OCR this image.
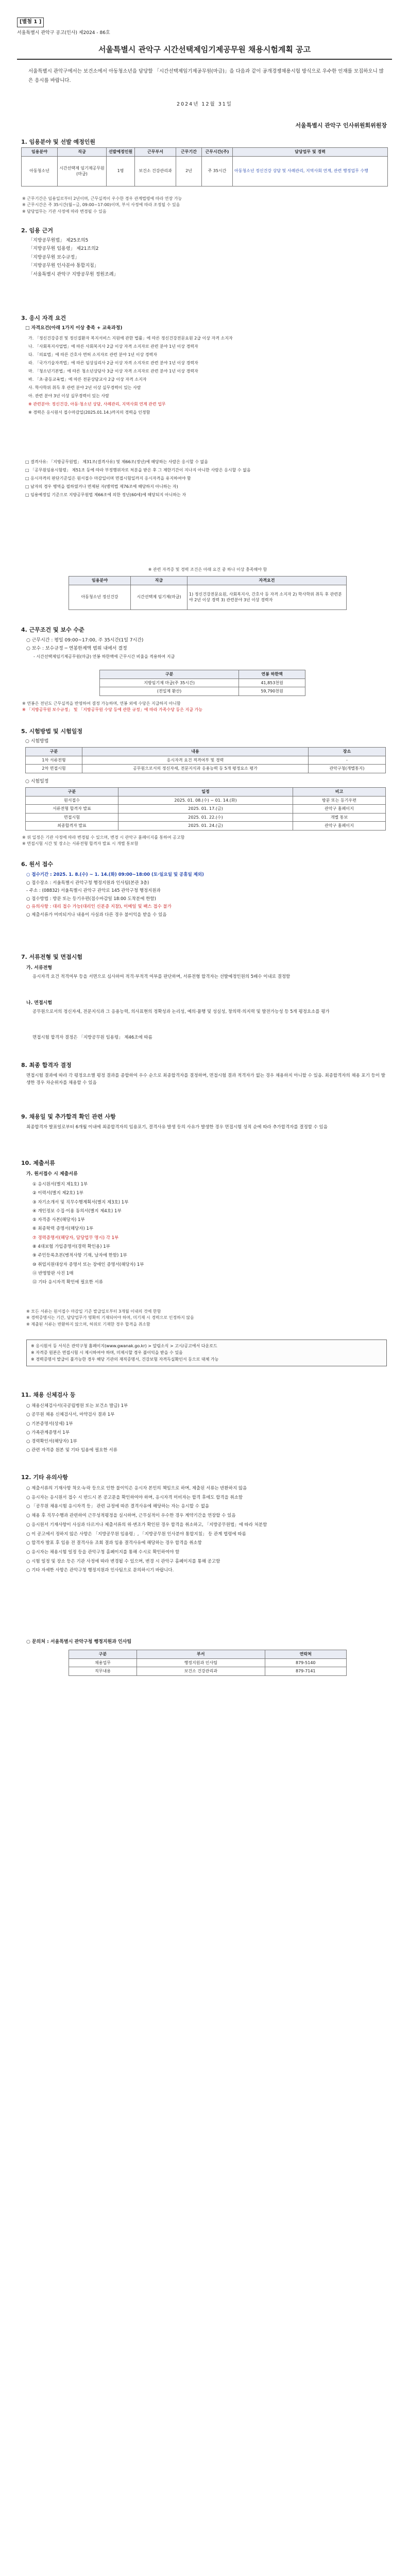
[별첨 1 ]
서울특별시 관악구 공고(인사) 제2024 - 86호
서울특별시 관악구 시간선택제임기제공무원 채용시험계획 공고
서울특별시 관악구에서는 보건소에서 아동청소년을 담당할 「시간선택제임기제공무원(마급)」을 다음과 같이 공개경쟁채용시험 방식으로 우수한 인재를 모집하오니 많은 응시를 바랍니다.
2024년 12월 31일
서울특별시 관악구 인사위원회위원장
1. 임용분야 및 선발 예정인원
임용분야	직급	선발예정인원	근무부서	근무기간	근무시간(주)	담당업무 및 경력
아동청소년	시간선택제 임기제공무원(마급)	1명	보건소 건강관리과	2년	주 35시간	아동청소년 정신건강 상담 및 사례관리, 지역사회 연계, 관련 행정업무 수행
※ 근무기간은 임용일로부터 2년이며, 근무실적이 우수한 경우 관계법령에 따라 연장 가능
※ 근무시간은 주 35시간(월~금, 09:00~17:00)이며, 부서 사정에 따라 조정될 수 있음
※ 담당업무는 기관 사정에 따라 변경될 수 있음
2. 임용 근거
「지방공무원법」 제25조의5
「지방공무원 임용령」 제21조의2
「지방공무원 보수규정」
「지방공무원 인사분야 통합지침」
「서울특별시 관악구 지방공무원 정원조례」
3. 응시 자격 요건
□ 자격요건(아래 1가지 이상 충족 + 교육과정)
가. 「정신건강증진 및 정신질환자 복지서비스 지원에 관한 법률」에 따른 정신건강전문요원 2급 이상 자격 소지자
나. 「사회복지사업법」에 따른 사회복지사 2급 이상 자격 소지자로 관련 분야 1년 이상 경력자
다. 「의료법」에 따른 간호사 면허 소지자로 관련 분야 1년 이상 경력자
라. 「국가기술자격법」에 따른 임상심리사 2급 이상 자격 소지자로 관련 분야 1년 이상 경력자
마. 「청소년기본법」에 따른 청소년상담사 3급 이상 자격 소지자로 관련 분야 1년 이상 경력자
바. 「초·중등교육법」에 따른 전문상담교사 2급 이상 자격 소지자
사. 학사학위 취득 후 관련 분야 2년 이상 실무경력이 있는 사람
아. 관련 분야 3년 이상 실무경력이 있는 사람
※ 관련분야: 정신건강, 아동·청소년 상담, 사례관리, 지역사회 연계 관련 업무
※ 경력은 응시원서 접수마감일(2025.01.14.)까지의 경력을 인정함
□ 결격사유: 「지방공무원법」 제31조(결격사유) 및 제66조(정년)에 해당하는 사람은 응시할 수 없음
□ 「공무원임용시험령」 제51조 등에 따라 부정행위자로 처분을 받은 후 그 제한기간이 지나지 아니한 사람은 응시할 수 없음
□ 응시자격의 판단기준일은 원서접수 마감일이며 면접시험일까지 응시자격을 유지하여야 함
□ 남자의 경우 병역을 필하였거나 면제된 자(병역법 제76조에 해당하지 아니하는 자)
□ 임용예정일 기준으로 지방공무원법 제66조에 의한 정년(60세)에 해당되지 아니하는 자
※ 관련 자격증 및 경력 조건은 아래 요건 중 하나 이상 충족해야 함
임용분야	직급	자격요건
아동청소년 정신건강	시간선택제 임기제(마급)	1) 정신건강전문요원, 사회복지사, 간호사 등 자격 소지자 2) 학사학위 취득 후 관련분야 2년 이상 경력 3) 관련분야 3년 이상 경력자
4. 근무조건 및 보수 수준
○ 근무시간 : 평일 09:00~17:00, 주 35시간(1일 7시간)
○ 보수 : 보수규정 ─ 연봉한계액 범위 내에서 결정
- 시간선택제임기제공무원(마급) 연봉 하한액에 근무시간 비율을 적용하여 지급
구분	연봉 하한액
지방임기제 마급(주 35시간)	41,853천원
(전일제 환산)	59,790천원
※ 연봉은 전년도 근무실적을 반영하여 결정 가능하며, 연봉 외에 수당은 지급하지 아니함
※ 「지방공무원 보수규정」 및 「지방공무원 수당 등에 관한 규정」에 따라 가족수당 등은 지급 가능
5. 시험방법 및 시험일정
○ 시험방법
구분	내용	장소
1차 서류전형	응시자격 요건 적격여부 및 경력	-
2차 면접시험	공무원으로서의 정신자세, 전문지식과 응용능력 등 5개 평정요소 평가	관악구청(개별통지)
○ 시험일정
구분	일정	비고
원서접수	2025. 01. 08.(수) ~ 01. 14.(화)	방문 또는 등기우편
서류전형 합격자 발표	2025. 01. 17.(금)	관악구 홈페이지
면접시험	2025. 01. 22.(수)	개별 통보
최종합격자 발표	2025. 01. 24.(금)	관악구 홈페이지
※ 위 일정은 기관 사정에 따라 변경될 수 있으며, 변경 시 관악구 홈페이지를 통하여 공고함
※ 면접시험 시간 및 장소는 서류전형 합격자 발표 시 개별 통보함
6. 원서 접수
○ 접수기간 : 2025. 1. 8.(수) ~ 1. 14.(화) 09:00~18:00 (토·일요일 및 공휴일 제외)
○ 접수장소 : 서울특별시 관악구청 행정지원과 인사팀(본관 3층)
- 주소 : (08832) 서울특별시 관악구 관악로 145 관악구청 행정지원과
○ 접수방법 : 방문 또는 등기우편(접수마감일 18:00 도착분에 한함)
○ 유의사항 : 대리 접수 가능(대리인 신분증 지참), 이메일 및 팩스 접수 불가
○ 제출서류가 미비되거나 내용이 사실과 다른 경우 불이익을 받을 수 있음
7. 서류전형 및 면접시험
가. 서류전형
응시자격 요건 적격여부 등을 서면으로 심사하여 적격·부적격 여부를 판단하며, 서류전형 합격자는 선발예정인원의 5배수 이내로 결정함
나. 면접시험
공무원으로서의 정신자세, 전문지식과 그 응용능력, 의사표현의 정확성과 논리성, 예의·품행 및 성실성, 창의력·의지력 및 발전가능성 등 5개 평정요소를 평가
면접시험 합격자 결정은 「지방공무원 임용령」 제46조에 따름
8. 최종 합격자 결정
면접시험 결과에 따라 각 평정요소별 평정 결과를 종합하여 우수 순으로 최종합격자를 결정하며, 면접시험 결과 적격자가 없는 경우 채용하지 아니할 수 있음. 최종합격자의 채용 포기 등이 발생한 경우 차순위자를 채용할 수 있음
9. 채용일 및 추가합격 확인 관련 사항
최종합격자 발표일로부터 6개월 이내에 최종합격자의 임용포기, 결격사유 발생 등의 사유가 발생한 경우 면접시험 성적 순에 따라 추가합격자를 결정할 수 있음
10. 제출서류
가. 원서접수 시 제출서류
① 응시원서(별지 제1호) 1부
② 이력서(별지 제2호) 1부
③ 자기소개서 및 직무수행계획서(별지 제3호) 1부
④ 개인정보 수집·이용 동의서(별지 제4호) 1부
⑤ 자격증 사본(해당자) 1부
⑥ 최종학력 증명서(해당자) 1부
⑦ 경력증명서(해당자, 담당업무 명시) 각 1부
⑧ 4대보험 가입증명서(경력 확인용) 1부
⑨ 주민등록초본(병적사항 기재, 남자에 한함) 1부
⑩ 취업지원대상자 증명서 또는 장애인 증명서(해당자) 1부
⑪ 반명함판 사진 1매
⑫ 기타 응시자격 확인에 필요한 서류
※ 모든 서류는 원서접수 마감일 기준 발급일로부터 3개월 이내의 것에 한함
※ 경력증명서는 기간, 담당업무가 명확히 기재되어야 하며, 미기재 시 경력으로 인정하지 않음
※ 제출된 서류는 반환하지 않으며, 허위로 기재한 경우 합격을 취소함
※ 응시원서 등 서식은 관악구청 홈페이지(www.gwanak.go.kr) > 알림소식 > 고시/공고에서 다운로드
※ 자격증 원본은 면접시험 시 제시하여야 하며, 미제시할 경우 불이익을 받을 수 있음
※ 경력증명서 발급이 불가능한 경우 해당 기관의 재직증명서, 건강보험 자격득실확인서 등으로 대체 가능
11. 채용 신체검사 등
○ 채용신체검사서(국공립병원 또는 보건소 발급) 1부
○ 공무원 채용 신체검사서, 마약검사 결과 1부
○ 기본증명서(상세) 1부
○ 가족관계증명서 1부
○ 경력확인서(해당자) 1부
○ 관련 자격증 원본 및 기타 임용에 필요한 서류
12. 기타 유의사항
○ 제출서류의 기재사항 착오·누락 등으로 인한 불이익은 응시자 본인의 책임으로 하며, 제출된 서류는 반환하지 않음
○ 응시자는 응시원서 접수 시 반드시 본 공고문을 확인하여야 하며, 응시자격 미비자는 합격 후에도 합격을 취소함
○ 「공무원 채용시험 응시자격 등」 관련 규정에 따른 결격사유에 해당하는 자는 응시할 수 없음
○ 채용 후 직무수행과 관련하여 근무성적평정을 실시하며, 근무실적이 우수한 경우 계약기간을 연장할 수 있음
○ 응시원서 기재사항이 사실과 다르거나 제출서류의 위·변조가 확인된 경우 합격을 취소하고, 「지방공무원법」에 따라 처분함
○ 이 공고에서 정하지 않은 사항은 「지방공무원 임용령」, 「지방공무원 인사분야 통합지침」 등 관계 법령에 따름
○ 합격자 발표 후 임용 전 결격사유 조회 결과 임용 결격사유에 해당하는 경우 합격을 취소함
○ 응시자는 채용시험 일정 등을 관악구청 홈페이지를 통해 수시로 확인하여야 함
○ 시험 일정 및 장소 등은 기관 사정에 따라 변경될 수 있으며, 변경 시 관악구 홈페이지를 통해 공고함
○ 기타 자세한 사항은 관악구청 행정지원과 인사팀으로 문의하시기 바랍니다.
○ 문의처 : 서울특별시 관악구청 행정지원과 인사팀
구분	부서	연락처
채용업무	행정지원과 인사팀	879-5140
직무내용	보건소 건강관리과	879-7141
